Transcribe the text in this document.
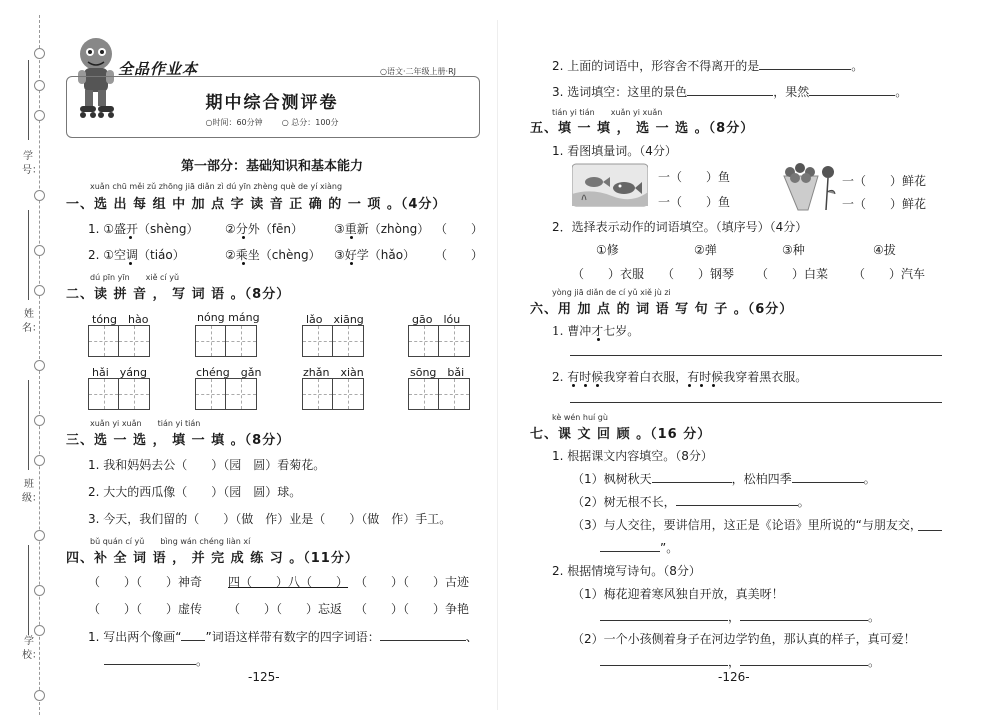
学 号：
姓 名：
班 级：
学 校：
全品作业本	○语文·二年级上册·RJ
期中综合测评卷
○时间：60分钟 ○ 总分：100分
第一部分：基础知识和基本能力
xuǎn chū měi zǔ zhōng jiā diǎn zì dú yīn zhèng què de yí xiàng
一、选 出 每 组 中 加 点 字 读 音 正 确 的 一 项 。（4分）
1. ①盛开（shèng） ②分外（fēn）	③重新（zhòng） （　　）
2. ①空调（tiáo）	②乘坐（chèng） ③好学（hǎo） （　　）
dú pīn yīn　　xiě cí yǔ
二、读 拼 音 ， 写 词 语 。（8分）
tóng　hào	nóng máng	lǎo　xiāng	gāo　lóu
hǎi　yáng	chéng　gǎn	zhǎn　xiàn	sōng　bǎi
xuǎn yi xuǎn　　tián yi tián
三、选 一 选 ， 填 一 填 。（8分）
1. 我和妈妈去公（　　）（园　圆）看菊花。
2. 大大的西瓜像（　　）（园　圆）球。
3. 今天，我们留的（　　）（做　作）业是（　　）（做　作）手工。
bǔ quán cí yǔ　　bìng wán chéng liàn xí
四、补 全 词 语 ， 并 完 成 练 习 。（11分）
（　　）（　　）神奇 四（　　）八（　　） （　　）（　　）古迹
（　　）（　　）虚传 （　　）（　　）忘返 （　　）（　　）争艳
1. 写出两个像画“ ”词语这样带有数字的四字词语：	、
。
-125-
2. 上面的词语中，形容舍不得离开的是	。
3. 选词填空：这里的景色	，果然	。
tián yi tián　　xuǎn yi xuǎn
五、填 一 填 ， 选 一 选 。（8分）
1. 看图填量词。（4分）
一（　　）鱼
一（　　）鱼
一（　　）鲜花
一（　　）鲜花
2．选择表示动作的词语填空。（填序号）（4分）
①修	②弹	③种	④拔
（　　）衣服 （　　）钢琴 （　　）白菜 （　　）汽车
yòng jiā diǎn de cí yǔ xiě jù zi
六、用 加 点 的 词 语 写 句 子 。（6分）
1. 曹冲才七岁。
2. 有时候我穿着白衣服，有时候我穿着黑衣服。
kè wén huí gù
七、课 文 回 顾 。（16 分）
1. 根据课文内容填空。（8分）
（1）枫树秋天	，松柏四季	。
（2）树无根不长，	。
（3）与人交往，要讲信用，这正是《论语》里所说的“与朋友交，
”。
2. 根据情境写诗句。（8分）
（1）梅花迎着寒风独自开放，真美呀！
，	。
（2）一个小孩侧着身子在河边学钓鱼，那认真的样子，真可爱！
，	。
-126-
